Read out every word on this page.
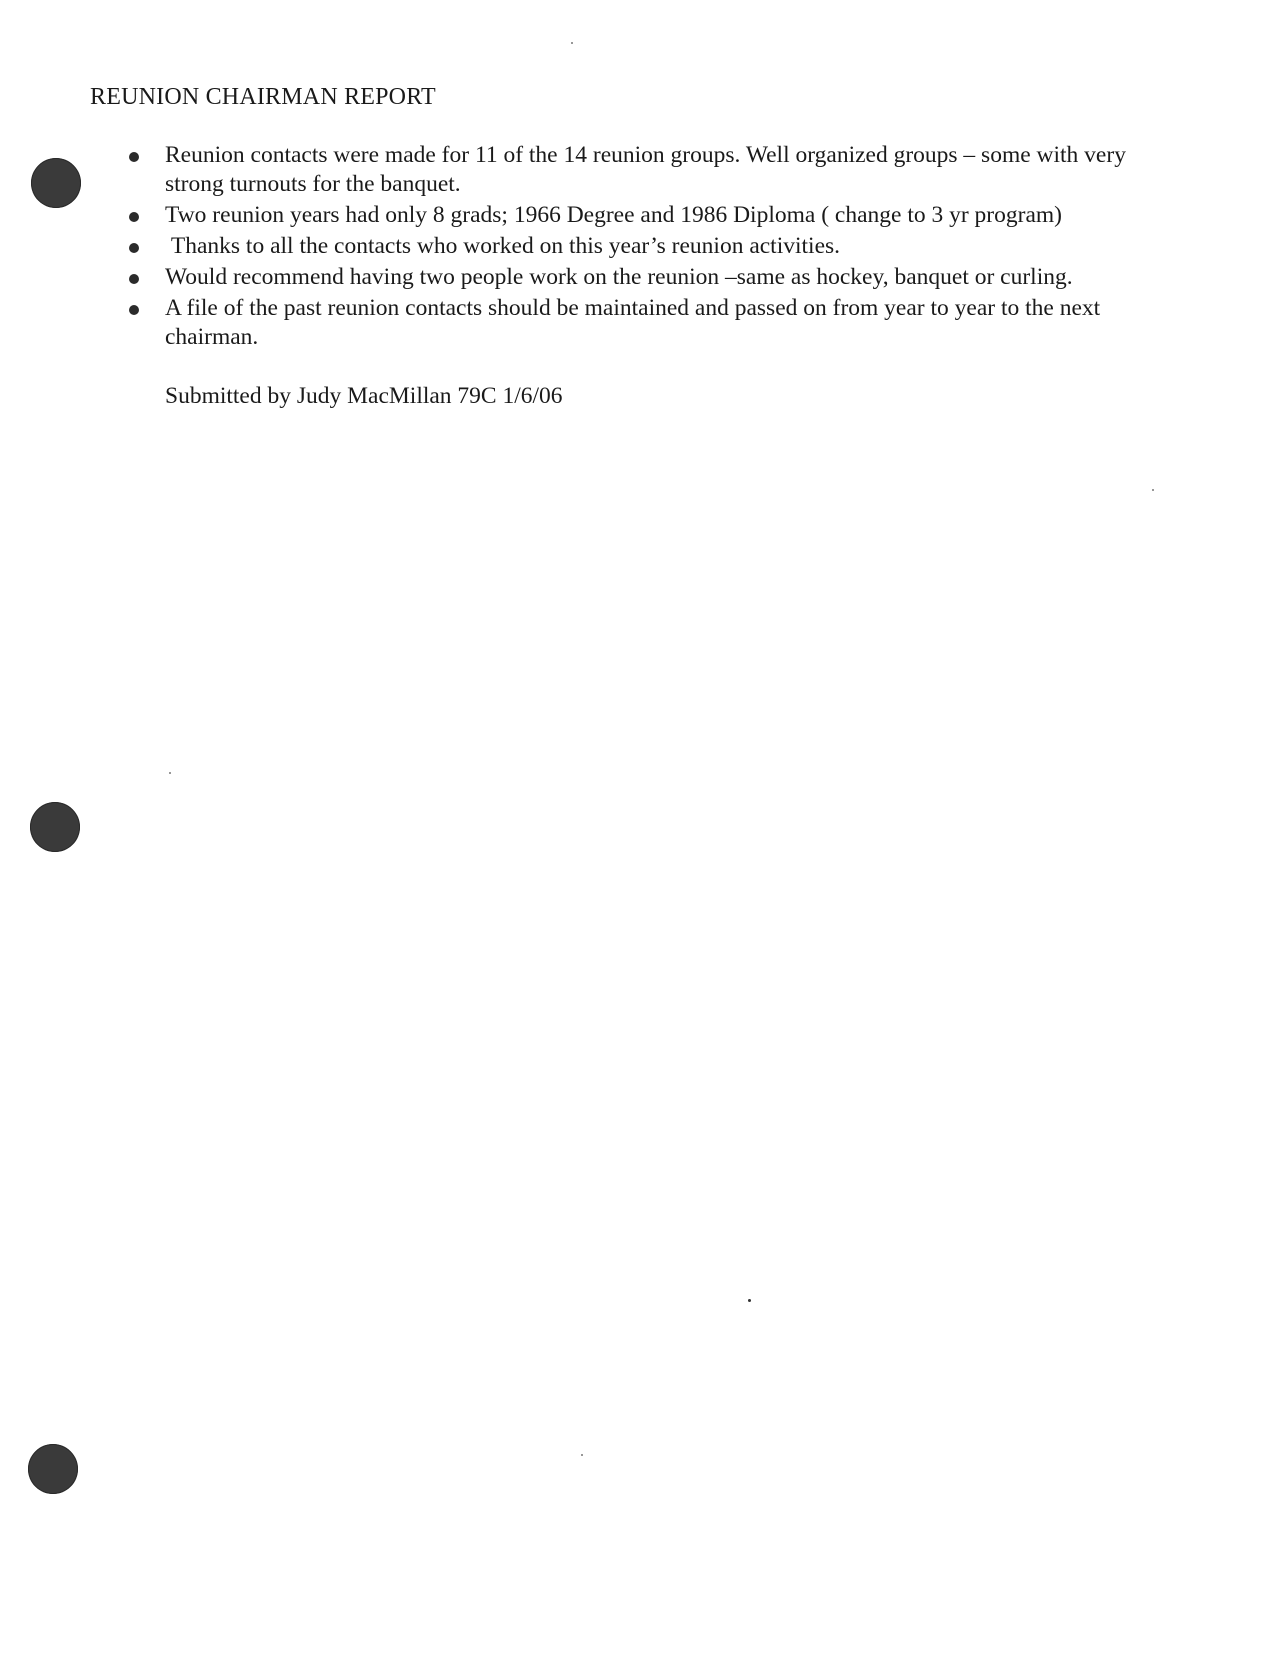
REUNION CHAIRMAN REPORT
Reunion contacts were made for 11 of the 14 reunion groups. Well organized groups – some with very
strong turnouts for the banquet.
Two reunion years had only 8 grads; 1966 Degree and 1986 Diploma ( change to 3 yr program)
Thanks to all the contacts who worked on this year’s reunion activities.
Would recommend having two people work on the reunion –same as hockey, banquet or curling.
A file of the past reunion contacts should be maintained and passed on from year to year to the next
chairman.
Submitted by Judy MacMillan 79C 1/6/06
